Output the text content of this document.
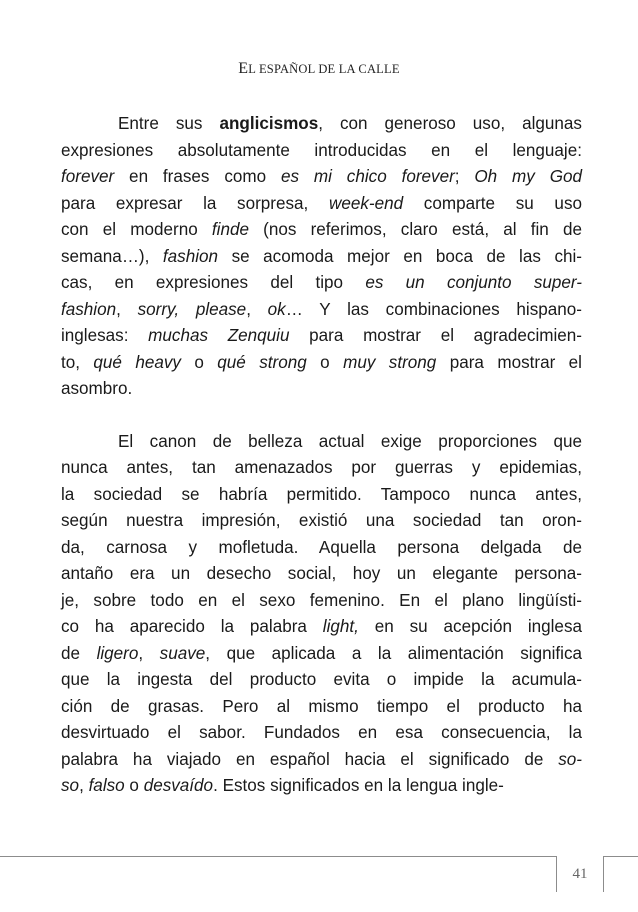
EL ESPAÑOL DE LA CALLE
Entre sus anglicismos, con generoso uso, algunas
expresiones absolutamente introducidas en el lenguaje:
forever en frases como es mi chico forever; Oh my God
para expresar la sorpresa, week-end comparte su uso
con el moderno finde (nos referimos, claro está, al fin de
semana…), fashion se acomoda mejor en boca de las chi-
cas, en expresiones del tipo es un conjunto super-
fashion, sorry, please, ok… Y las combinaciones hispano-
inglesas: muchas Zenquiu para mostrar el agradecimien-
to, qué heavy o qué strong o muy strong para mostrar el
asombro.
El canon de belleza actual exige proporciones que
nunca antes, tan amenazados por guerras y epidemias,
la sociedad se habría permitido. Tampoco nunca antes,
según nuestra impresión, existió una sociedad tan oron-
da, carnosa y mofletuda. Aquella persona delgada de
antaño era un desecho social, hoy un elegante persona-
je, sobre todo en el sexo femenino. En el plano lingüísti-
co ha aparecido la palabra light, en su acepción inglesa
de ligero, suave, que aplicada a la alimentación significa
que la ingesta del producto evita o impide la acumula-
ción de grasas. Pero al mismo tiempo el producto ha
desvirtuado el sabor. Fundados en esa consecuencia, la
palabra ha viajado en español hacia el significado de so-
so, falso o desvaído. Estos significados en la lengua ingle-
41
